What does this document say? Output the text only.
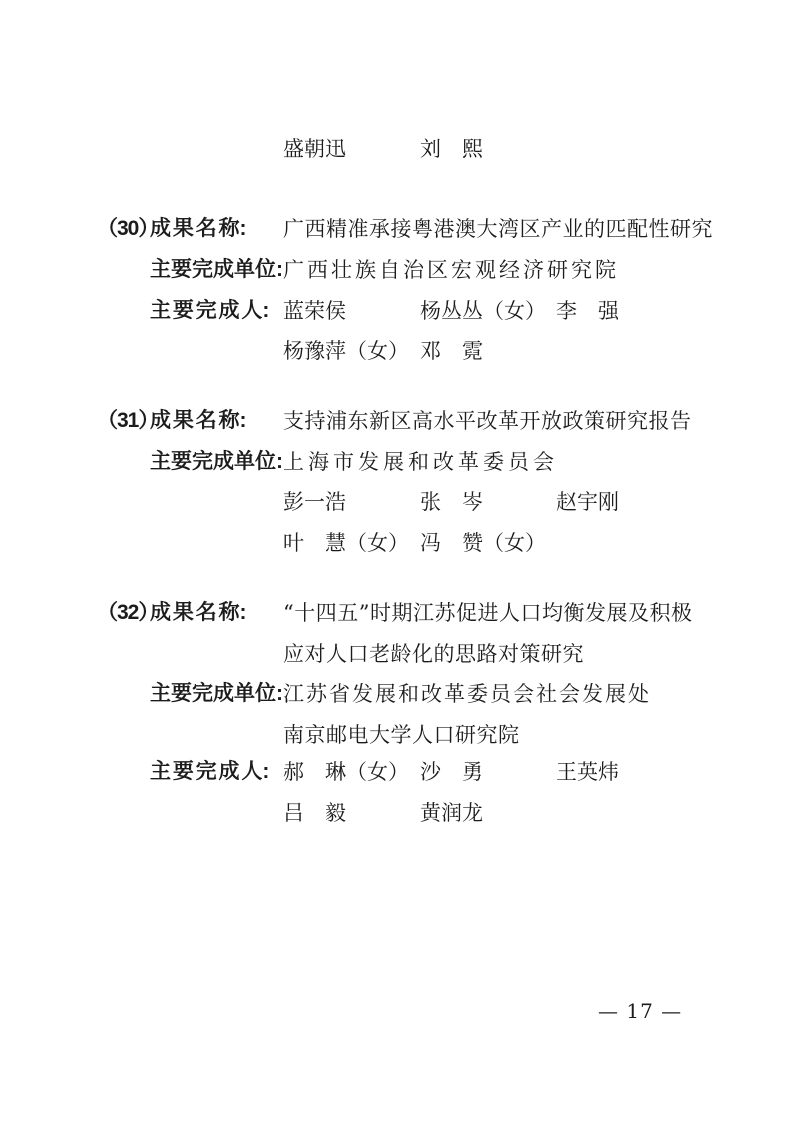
盛朝迅	刘　熙
（30）
成 果 名 称: 广西精准承接粤港澳大湾区产业的匹配性研究
主要完成单位: 广西壮族自治区宏观经济研究院
主 要 完 成 人: 蓝荣侯	杨丛丛（女） 李　强
杨豫萍（女） 邓　霓
（31）
成 果 名 称: 支持浦东新区高水平改革开放政策研究报告
主要完成单位: 上海市发展和改革委员会
彭一浩	张　岑	赵宇刚
叶　慧（女） 冯　赞（女）
（32）
成 果 名 称: “十四五”时期江苏促进人口均衡发展及积极
应对人口老龄化的思路对策研究
主要完成单位: 江苏省发展和改革委员会社会发展处
南京邮电大学人口研究院
主 要 完 成 人: 郝　琳（女） 沙　勇	王英炜
吕　毅	黄润龙
— 17 —
